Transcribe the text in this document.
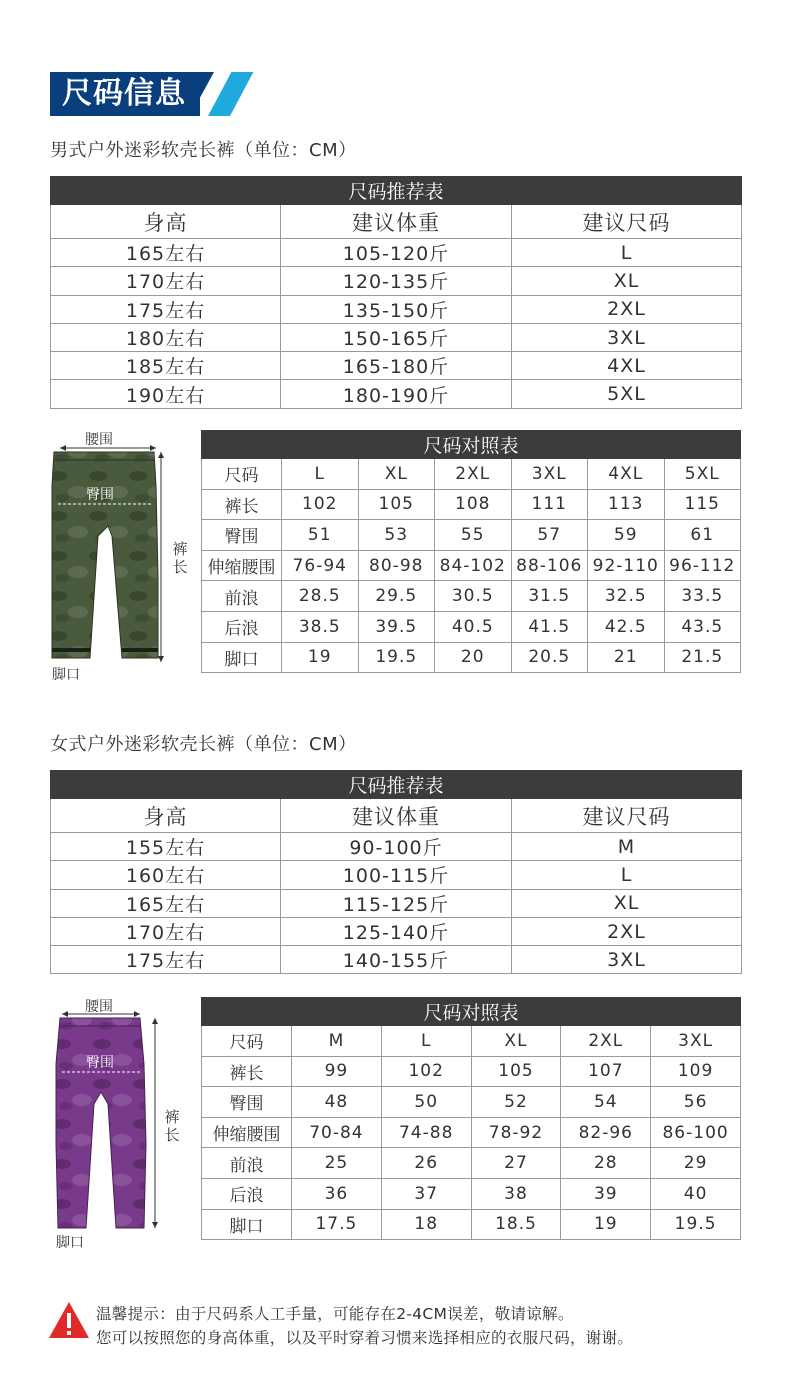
尺码信息
男式户外迷彩软壳长裤（单位：CM）
尺码推荐表		
身高	建议体重	建议尺码
165左右	105-120斤	L
170左右	120-135斤	XL
175左右	135-150斤	2XL
180左右	150-165斤	3XL
185左右	165-180斤	4XL
190左右	180-190斤	5XL
腰围
臀围
裤长
脚口
尺码对照表						
尺码	L	XL	2XL	3XL	4XL	5XL
裤长	102	105	108	111	113	115
臀围	51	53	55	57	59	61
伸缩腰围	76-94	80-98	84-102	88-106	92-110	96-112
前浪	28.5	29.5	30.5	31.5	32.5	33.5
后浪	38.5	39.5	40.5	41.5	42.5	43.5
脚口	19	19.5	20	20.5	21	21.5
女式户外迷彩软壳长裤（单位：CM）
尺码推荐表		
身高	建议体重	建议尺码
155左右	90-100斤	M
160左右	100-115斤	L
165左右	115-125斤	XL
170左右	125-140斤	2XL
175左右	140-155斤	3XL
腰围
臀围
裤长
脚口
尺码对照表					
尺码	M	L	XL	2XL	3XL
裤长	99	102	105	107	109
臀围	48	50	52	54	56
伸缩腰围	70-84	74-88	78-92	82-96	86-100
前浪	25	26	27	28	29
后浪	36	37	38	39	40
脚口	17.5	18	18.5	19	19.5
温馨提示：由于尺码系人工手量，可能存在2-4CM误差，敬请谅解。
您可以按照您的身高体重，以及平时穿着习惯来选择相应的衣服尺码，谢谢。
